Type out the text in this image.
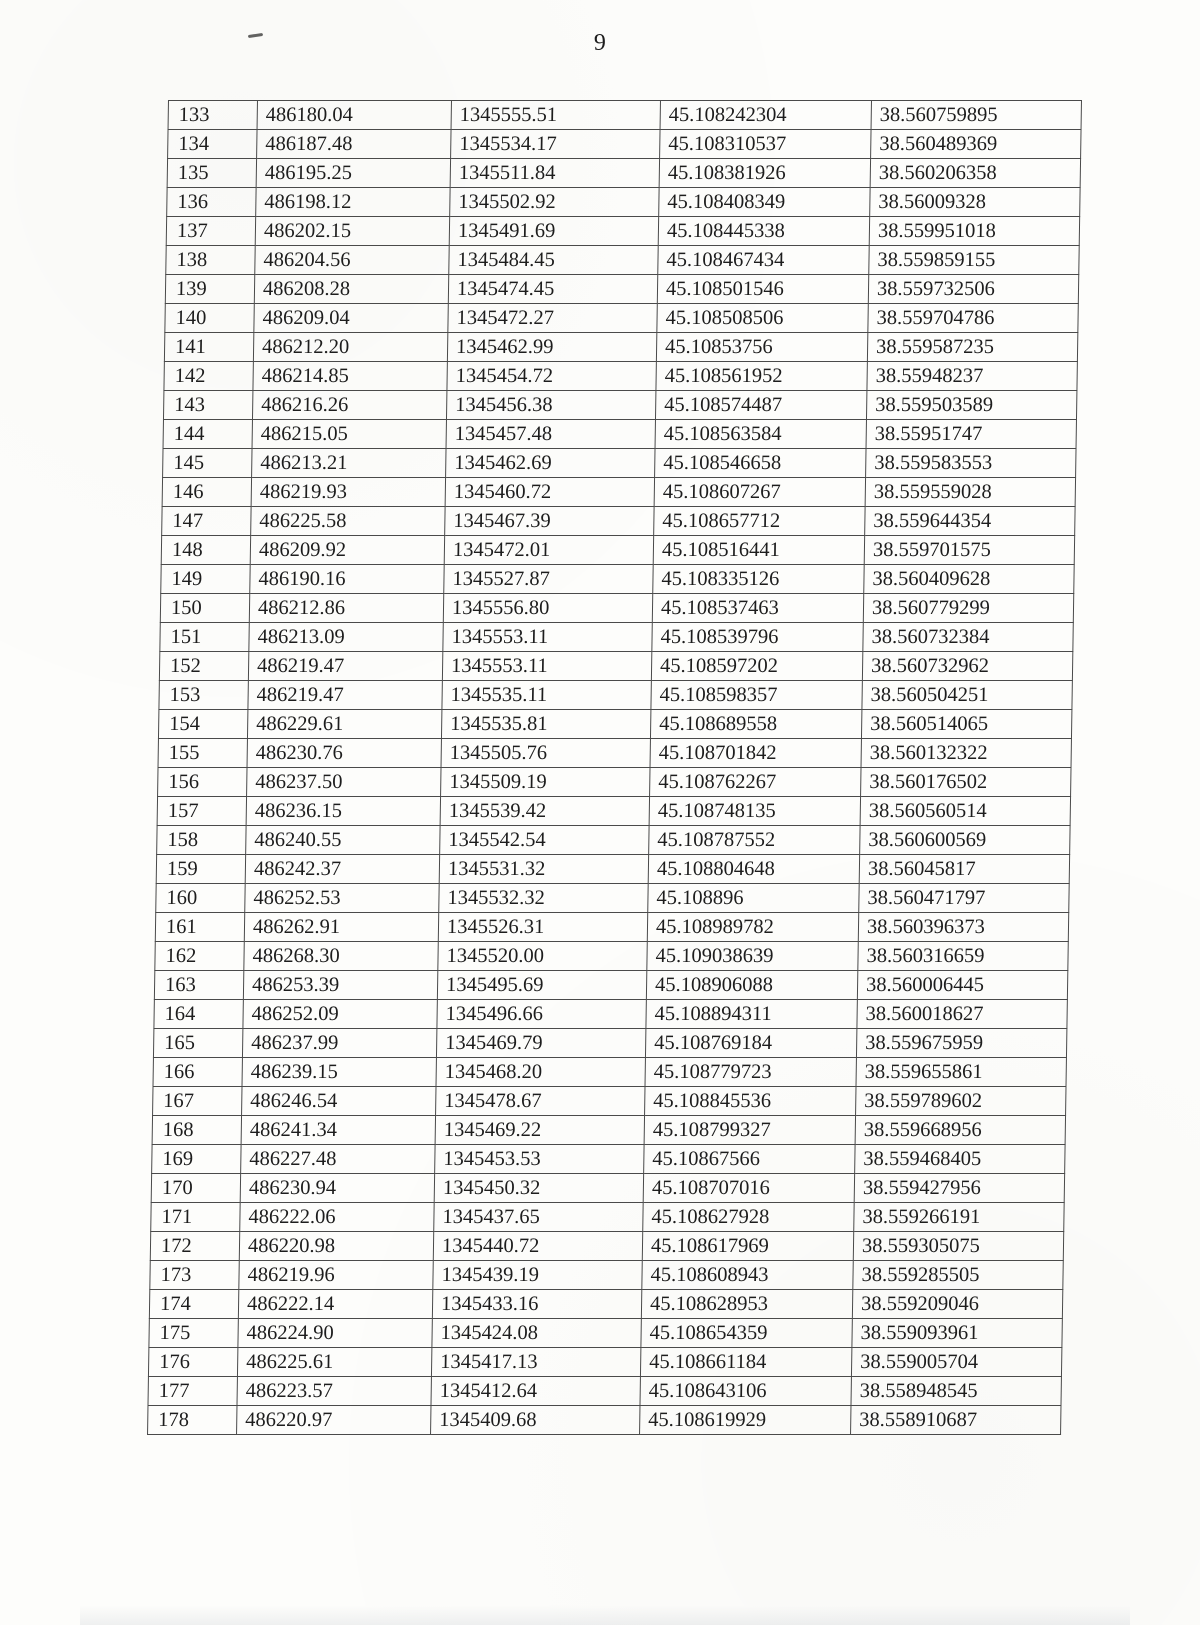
9
133	486180.04	1345555.51	45.108242304	38.560759895
134	486187.48	1345534.17	45.108310537	38.560489369
135	486195.25	1345511.84	45.108381926	38.560206358
136	486198.12	1345502.92	45.108408349	38.56009328
137	486202.15	1345491.69	45.108445338	38.559951018
138	486204.56	1345484.45	45.108467434	38.559859155
139	486208.28	1345474.45	45.108501546	38.559732506
140	486209.04	1345472.27	45.108508506	38.559704786
141	486212.20	1345462.99	45.10853756	38.559587235
142	486214.85	1345454.72	45.108561952	38.55948237
143	486216.26	1345456.38	45.108574487	38.559503589
144	486215.05	1345457.48	45.108563584	38.55951747
145	486213.21	1345462.69	45.108546658	38.559583553
146	486219.93	1345460.72	45.108607267	38.559559028
147	486225.58	1345467.39	45.108657712	38.559644354
148	486209.92	1345472.01	45.108516441	38.559701575
149	486190.16	1345527.87	45.108335126	38.560409628
150	486212.86	1345556.80	45.108537463	38.560779299
151	486213.09	1345553.11	45.108539796	38.560732384
152	486219.47	1345553.11	45.108597202	38.560732962
153	486219.47	1345535.11	45.108598357	38.560504251
154	486229.61	1345535.81	45.108689558	38.560514065
155	486230.76	1345505.76	45.108701842	38.560132322
156	486237.50	1345509.19	45.108762267	38.560176502
157	486236.15	1345539.42	45.108748135	38.560560514
158	486240.55	1345542.54	45.108787552	38.560600569
159	486242.37	1345531.32	45.108804648	38.56045817
160	486252.53	1345532.32	45.108896	38.560471797
161	486262.91	1345526.31	45.108989782	38.560396373
162	486268.30	1345520.00	45.109038639	38.560316659
163	486253.39	1345495.69	45.108906088	38.560006445
164	486252.09	1345496.66	45.108894311	38.560018627
165	486237.99	1345469.79	45.108769184	38.559675959
166	486239.15	1345468.20	45.108779723	38.559655861
167	486246.54	1345478.67	45.108845536	38.559789602
168	486241.34	1345469.22	45.108799327	38.559668956
169	486227.48	1345453.53	45.10867566	38.559468405
170	486230.94	1345450.32	45.108707016	38.559427956
171	486222.06	1345437.65	45.108627928	38.559266191
172	486220.98	1345440.72	45.108617969	38.559305075
173	486219.96	1345439.19	45.108608943	38.559285505
174	486222.14	1345433.16	45.108628953	38.559209046
175	486224.90	1345424.08	45.108654359	38.559093961
176	486225.61	1345417.13	45.108661184	38.559005704
177	486223.57	1345412.64	45.108643106	38.558948545
178	486220.97	1345409.68	45.108619929	38.558910687
